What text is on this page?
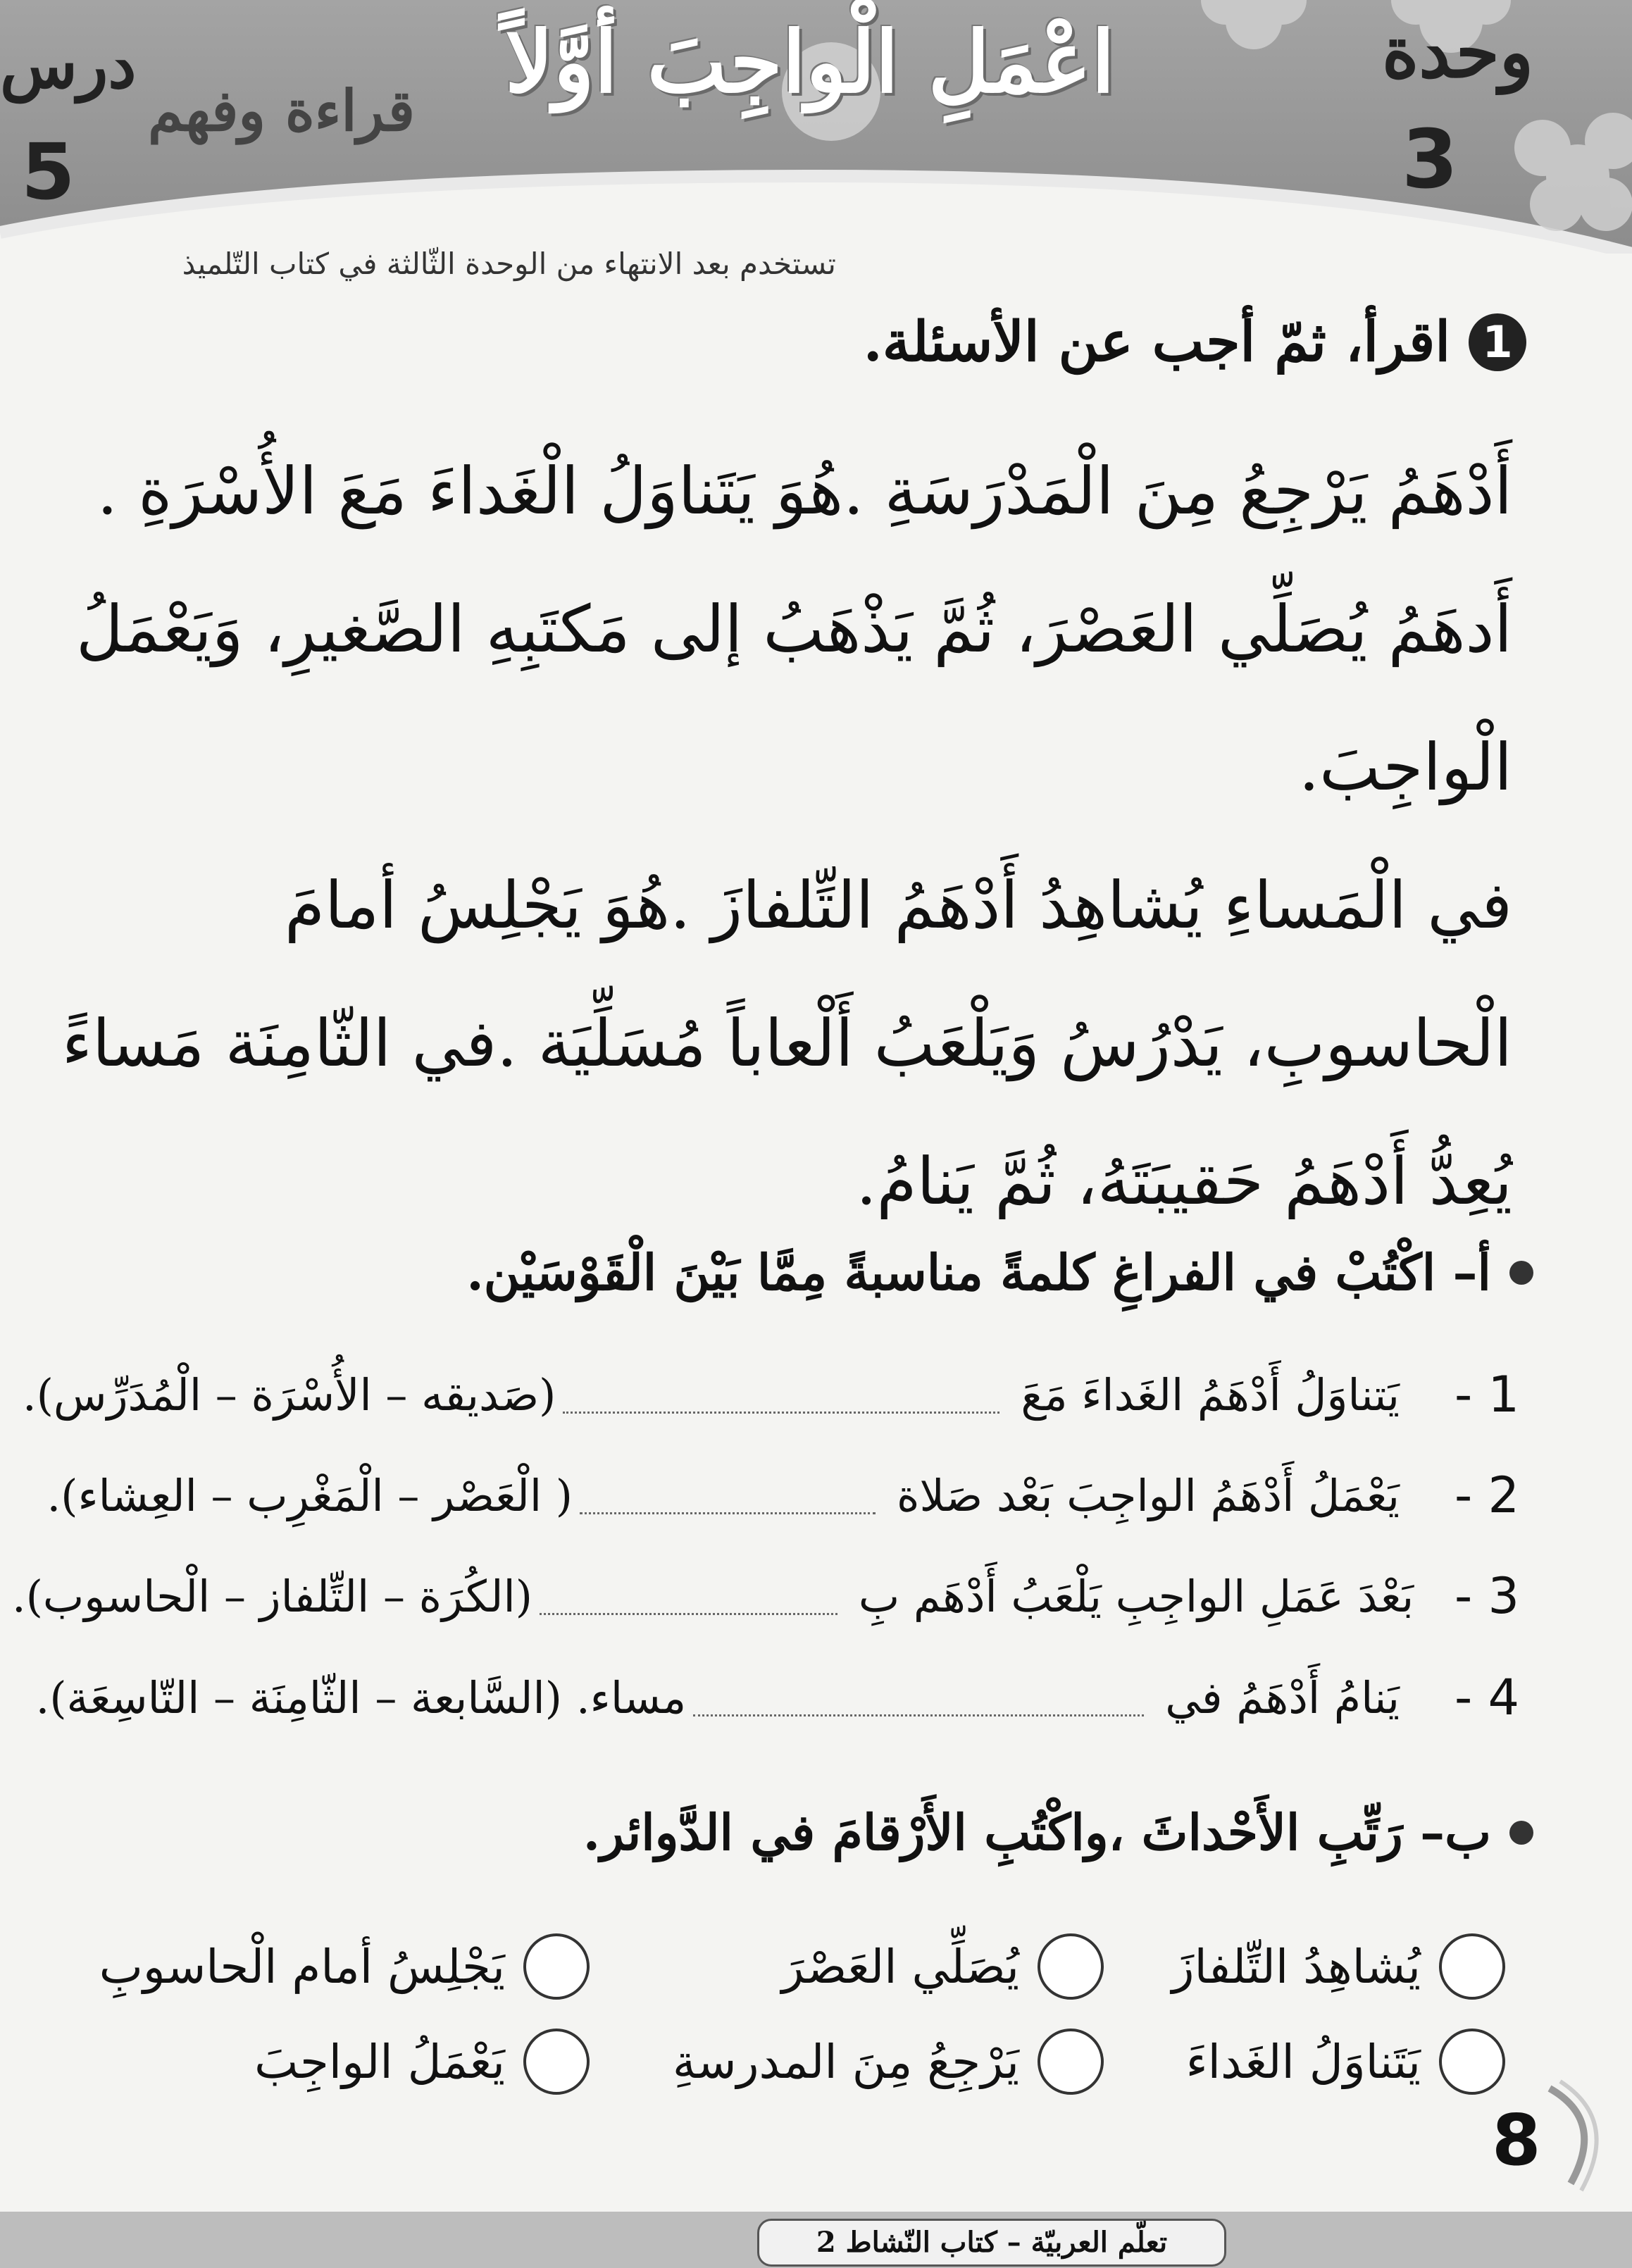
اعْمَلِ الْواجِبَ أوَّلاً	وحدة
3
درس
5
قراءة وفهم
تستخدم بعد الانتهاء من الوحدة الثّالثة في كتاب التّلميذ
1
اقرأ، ثمّ أجب عن الأسئلة.

أَدْهَمُ يَرْجِعُ مِنَ الْمَدْرَسَةِ .هُوَ يَتَناوَلُ الْغَداءَ مَعَ الأُسْرَةِ .

أَدهَمُ يُصَلِّي العَصْرَ، ثُمَّ يَذْهَبُ إلى مَكتَبِهِ الصَّغيرِ، وَيَعْمَلُ الْواجِبَ.

في الْمَساءِ يُشاهِدُ أَدْهَمُ التِّلفازَ .هُوَ يَجْلِسُ أمامَ الْحاسوبِ، يَدْرُسُ وَيَلْعَبُ أَلْعاباً مُسَلِّيَة .في الثّامِنَة مَساءً يُعِدُّ أَدْهَمُ حَقيبَتَهُ، ثُمَّ يَنامُ.

أ– اكْتُبْ في الفراغِ كلمةً مناسبةً مِمَّا بَيْنَ الْقَوْسَيْن.
1 -
يَتناوَلُ أَدْهَمُ الغَداءَ مَعَ
(صَديقه – الأُسْرَة – الْمُدَرِّس).
2 -
يَعْمَلُ أَدْهَمُ الواجِبَ بَعْد صَلاة
( الْعَصْر – الْمَغْرِب – العِشاء).
3 -
بَعْدَ عَمَلِ الواجِبِ يَلْعَبُ أَدْهَم بِ
(الكُرَة – التِّلفاز – الْحاسوب).
4 -
يَنامُ أَدْهَمُ في
مساء.
(السَّابعة – الثّامِنَة – التّاسِعَة).
ب– رَتِّبِ الأَحْداثَ ،واكْتُبِ الأَرْقامَ في الدَّوائر.
يُشاهِدُ التِّلفازَ
يُصَلِّي العَصْرَ
يَجْلِسُ أمام الْحاسوبِ
يَتَناوَلُ الغَداءَ
يَرْجِعُ مِنَ المدرسةِ
يَعْمَلُ الواجِبَ
8
تعلّم العربيّة – كتاب النّشاط 2
